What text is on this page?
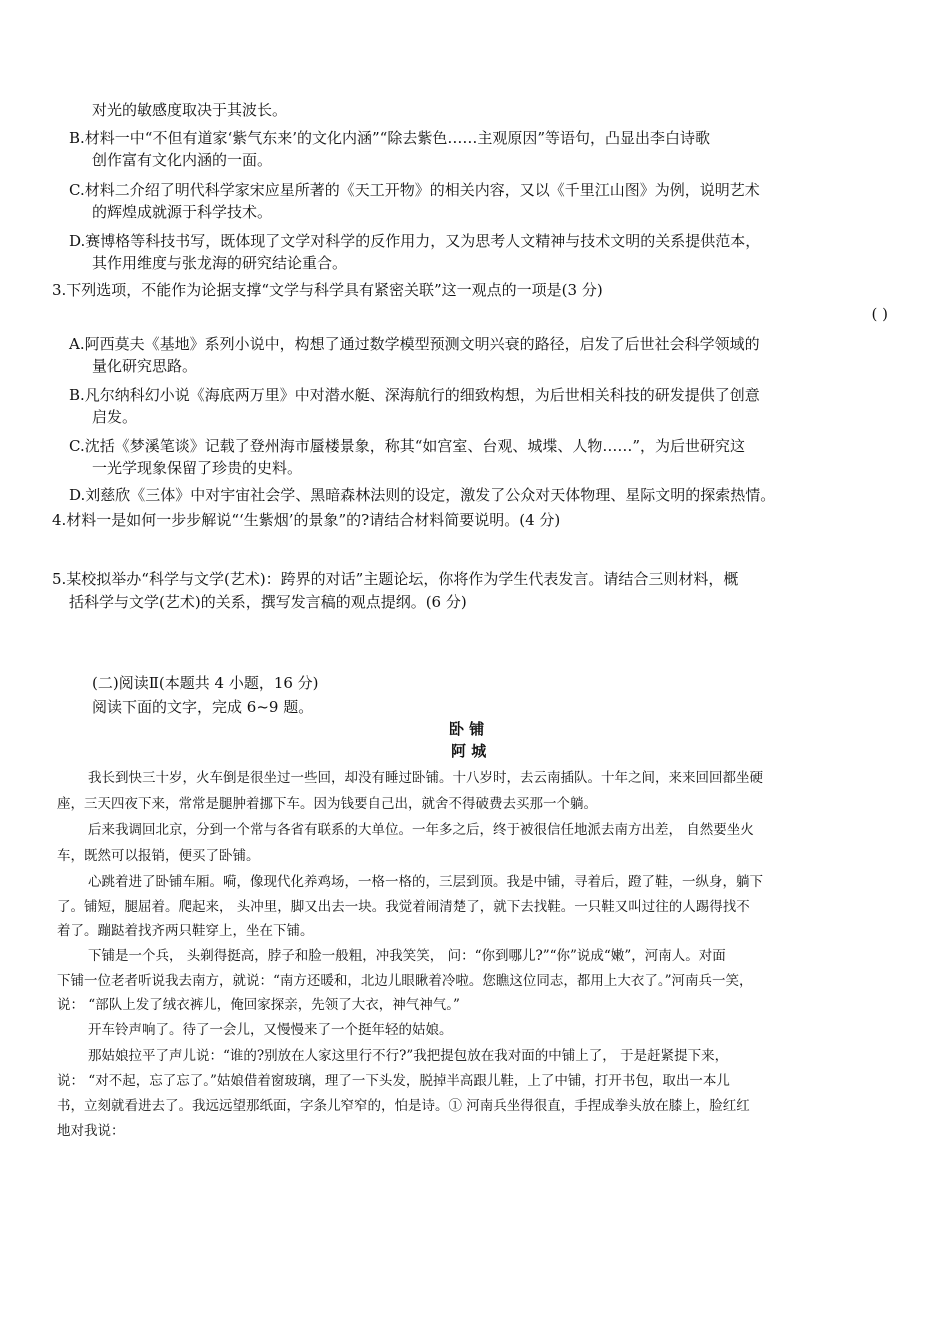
对光的敏感度取决于其波长。
B.材料一中“不但有道家‘紫气东来’的文化内涵”“除去紫色……主观原因”等语句，凸显出李白诗歌
创作富有文化内涵的一面。
C.材料二介绍了明代科学家宋应星所著的《天工开物》的相关内容，又以《千里江山图》为例，说明艺术
的辉煌成就源于科学技术。
D.赛博格等科技书写，既体现了文学对科学的反作用力，又为思考人文精神与技术文明的关系提供范本，
其作用维度与张龙海的研究结论重合。
3.下列选项，不能作为论据支撑“文学与科学具有紧密关联”这一观点的一项是(3 分)
( )
A.阿西莫夫《基地》系列小说中，构想了通过数学模型预测文明兴衰的路径，启发了后世社会科学领域的
量化研究思路。
B.凡尔纳科幻小说《海底两万里》中对潜水艇、深海航行的细致构想，为后世相关科技的研发提供了创意
启发。
C.沈括《梦溪笔谈》记载了登州海市蜃楼景象，称其“如宫室、台观、城堞、人物……”，为后世研究这
一光学现象保留了珍贵的史料。
D.刘慈欣《三体》中对宇宙社会学、黑暗森林法则的设定，激发了公众对天体物理、星际文明的探索热情。
4.材料一是如何一步步解说“‘生紫烟’的景象”的?请结合材料简要说明。(4 分)
5.某校拟举办“科学与文学(艺术)：跨界的对话”主题论坛，你将作为学生代表发言。请结合三则材料，概
括科学与文学(艺术)的关系，撰写发言稿的观点提纲。(6 分)
(二)阅读Ⅱ(本题共 4 小题，16 分)
阅读下面的文字，完成 6~9 题。
卧 铺
阿 城
我长到快三十岁，火车倒是很坐过一些回，却没有睡过卧铺。十八岁时，去云南插队。十年之间，来来回回都坐硬
座，三天四夜下来，常常是腿肿着挪下车。因为钱要自己出，就舍不得破费去买那一个躺。
后来我调回北京，分到一个常与各省有联系的大单位。一年多之后，终于被很信任地派去南方出差， 自然要坐火
车，既然可以报销，便买了卧铺。
心跳着进了卧铺车厢。嗬，像现代化养鸡场，一格一格的，三层到顶。我是中铺，寻着后，蹬了鞋，一纵身，躺下
了。铺短，腿屈着。爬起来， 头冲里，脚又出去一块。我觉着闹清楚了，就下去找鞋。一只鞋又叫过往的人踢得找不
着了。蹦跶着找齐两只鞋穿上，坐在下铺。
下铺是一个兵， 头剃得挺高，脖子和脸一般粗，冲我笑笑， 问：“你到哪儿?”“你”说成“嫩”，河南人。对面
下铺一位老者听说我去南方，就说：“南方还暖和，北边儿眼瞅着冷啦。您瞧这位同志，都用上大衣了。”河南兵一笑，
说： “部队上发了绒衣裤儿，俺回家探亲，先领了大衣，神气神气。”
开车铃声响了。待了一会儿，又慢慢来了一个挺年轻的姑娘。
那姑娘拉平了声儿说：“谁的?别放在人家这里行不行?”我把提包放在我对面的中铺上了， 于是赶紧提下来，
说： “对不起，忘了忘了。”姑娘借着窗玻璃，理了一下头发，脱掉半高跟儿鞋，上了中铺，打开书包，取出一本儿
书，立刻就看进去了。我远远望那纸面，字条儿窄窄的，怕是诗。① 河南兵坐得很直，手捏成拳头放在膝上，脸红红
地对我说：
